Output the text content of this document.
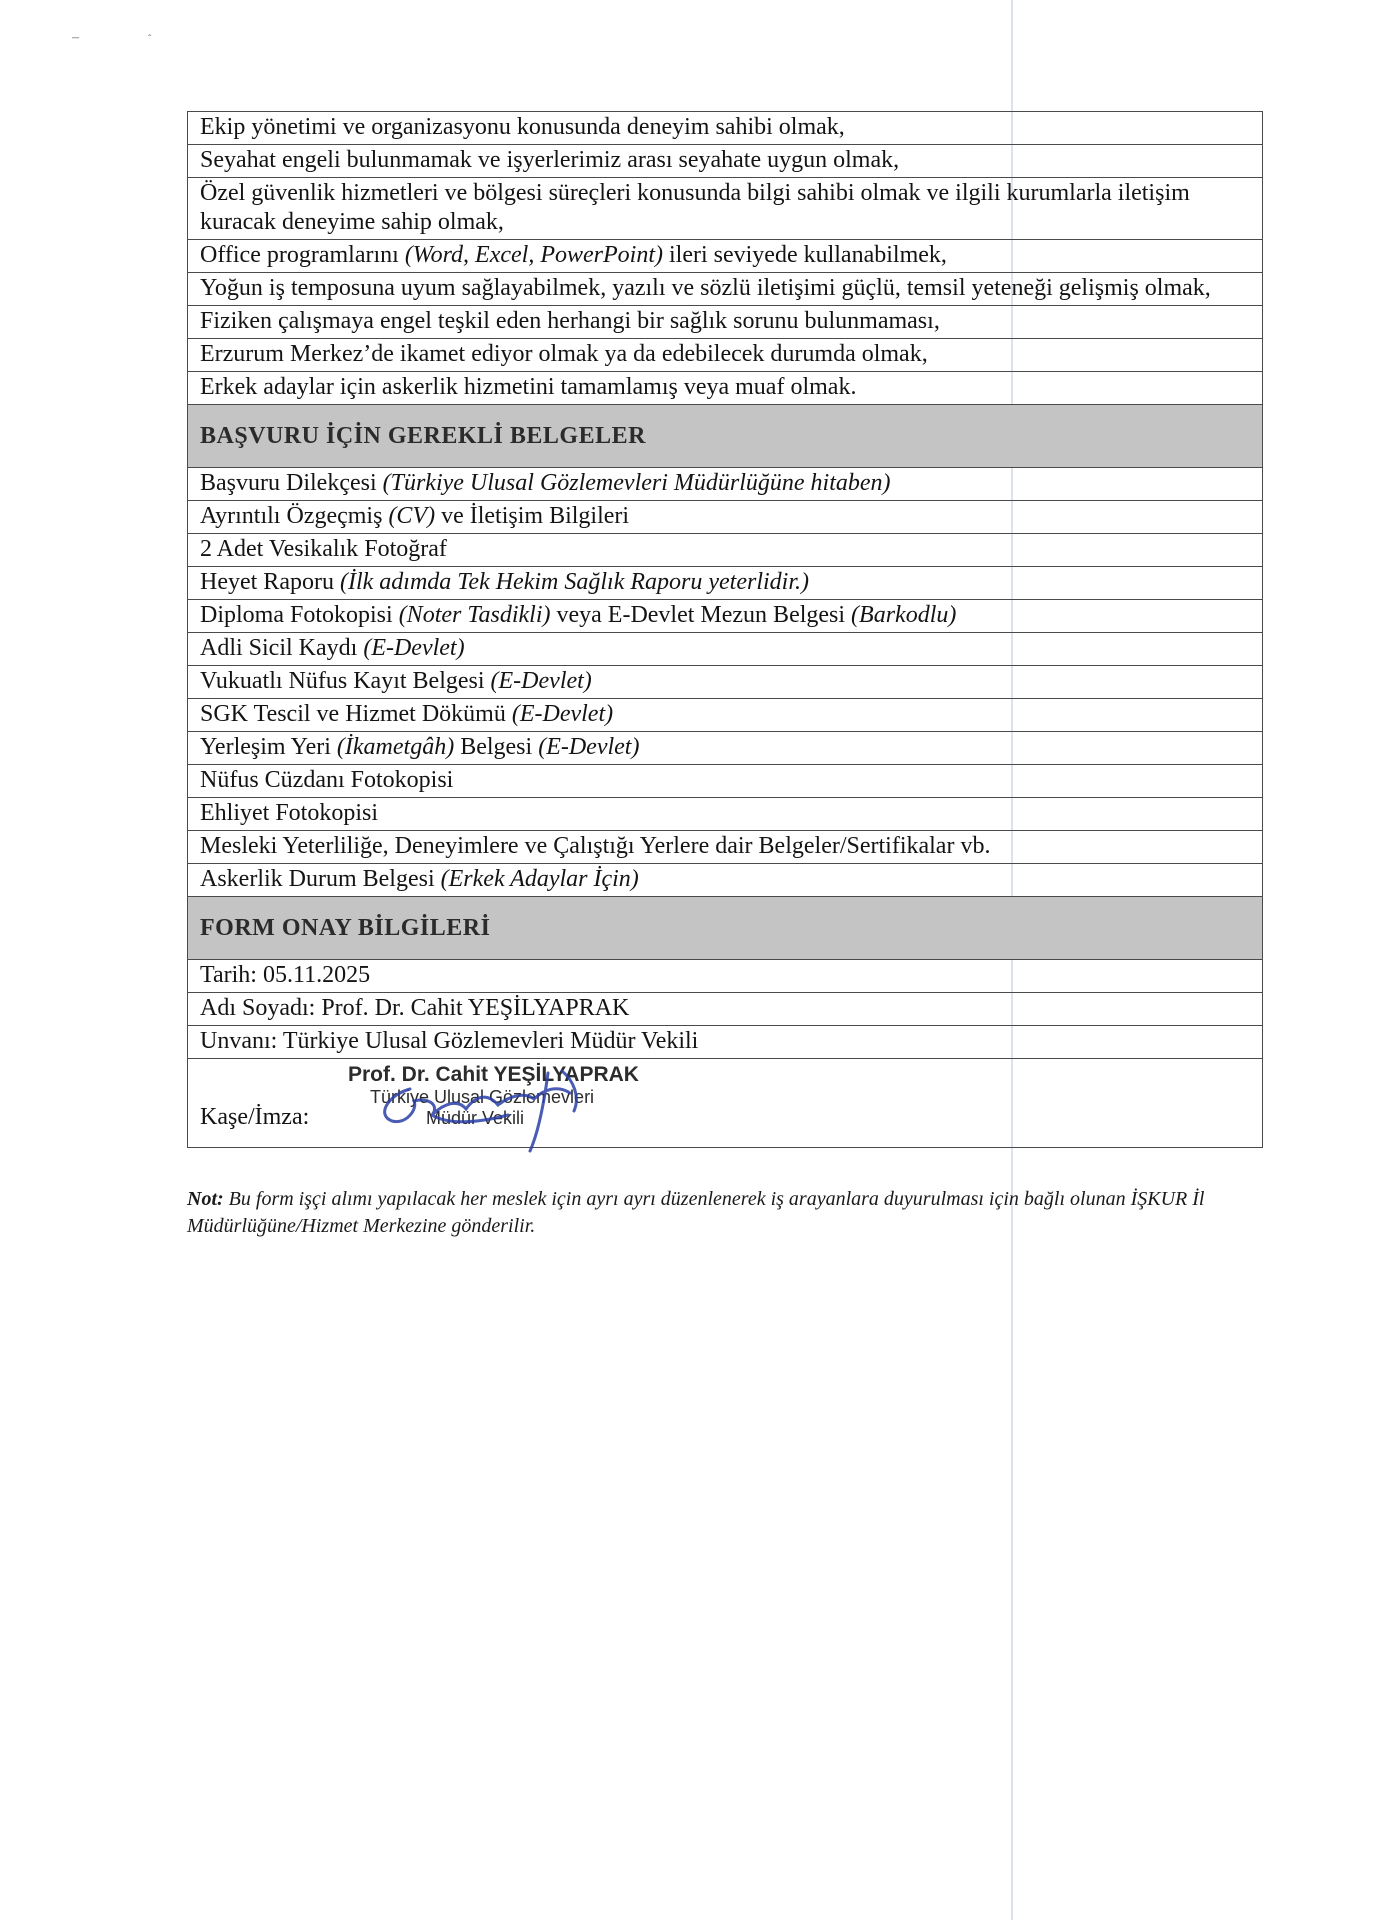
‒	ˆ
Ekip yönetimi ve organizasyonu konusunda deneyim sahibi olmak,
Seyahat engeli bulunmamak ve işyerlerimiz arası seyahate uygun olmak,
Özel güvenlik hizmetleri ve bölgesi süreçleri konusunda bilgi sahibi olmak ve ilgili kurumlarla iletişim kuracak deneyime sahip olmak,
Office programlarını (Word, Excel, PowerPoint) ileri seviyede kullanabilmek,
Yoğun iş temposuna uyum sağlayabilmek, yazılı ve sözlü iletişimi güçlü, temsil yeteneği gelişmiş olmak,
Fiziken çalışmaya engel teşkil eden herhangi bir sağlık sorunu bulunmaması,
Erzurum Merkez’de ikamet ediyor olmak ya da edebilecek durumda olmak,
Erkek adaylar için askerlik hizmetini tamamlamış veya muaf olmak.
BAŞVURU İÇİN GEREKLİ BELGELER
Başvuru Dilekçesi (Türkiye Ulusal Gözlemevleri Müdürlüğüne hitaben)
Ayrıntılı Özgeçmiş (CV) ve İletişim Bilgileri
2 Adet Vesikalık Fotoğraf
Heyet Raporu (İlk adımda Tek Hekim Sağlık Raporu yeterlidir.)
Diploma Fotokopisi (Noter Tasdikli) veya E-Devlet Mezun Belgesi (Barkodlu)
Adli Sicil Kaydı (E-Devlet)
Vukuatlı Nüfus Kayıt Belgesi (E-Devlet)
SGK Tescil ve Hizmet Dökümü (E-Devlet)
Yerleşim Yeri (İkametgâh) Belgesi (E-Devlet)
Nüfus Cüzdanı Fotokopisi
Ehliyet Fotokopisi
Mesleki Yeterliliğe, Deneyimlere ve Çalıştığı Yerlere dair Belgeler/Sertifikalar vb.
Askerlik Durum Belgesi (Erkek Adaylar İçin)
FORM ONAY BİLGİLERİ
Tarih: 05.11.2025
Adı Soyadı: Prof. Dr. Cahit YEŞİLYAPRAK
Unvanı: Türkiye Ulusal Gözlemevleri Müdür Vekili

Kaşe/İmza:
Prof. Dr. Cahit YEŞİLYAPRAK
Türkiye Ulusal Gözlemevleri
Müdür Vekili
Not: Bu form işçi alımı yapılacak her meslek için ayrı ayrı düzenlenerek iş arayanlara duyurulması için bağlı olunan İŞKUR İl Müdürlüğüne/Hizmet Merkezine gönderilir.
